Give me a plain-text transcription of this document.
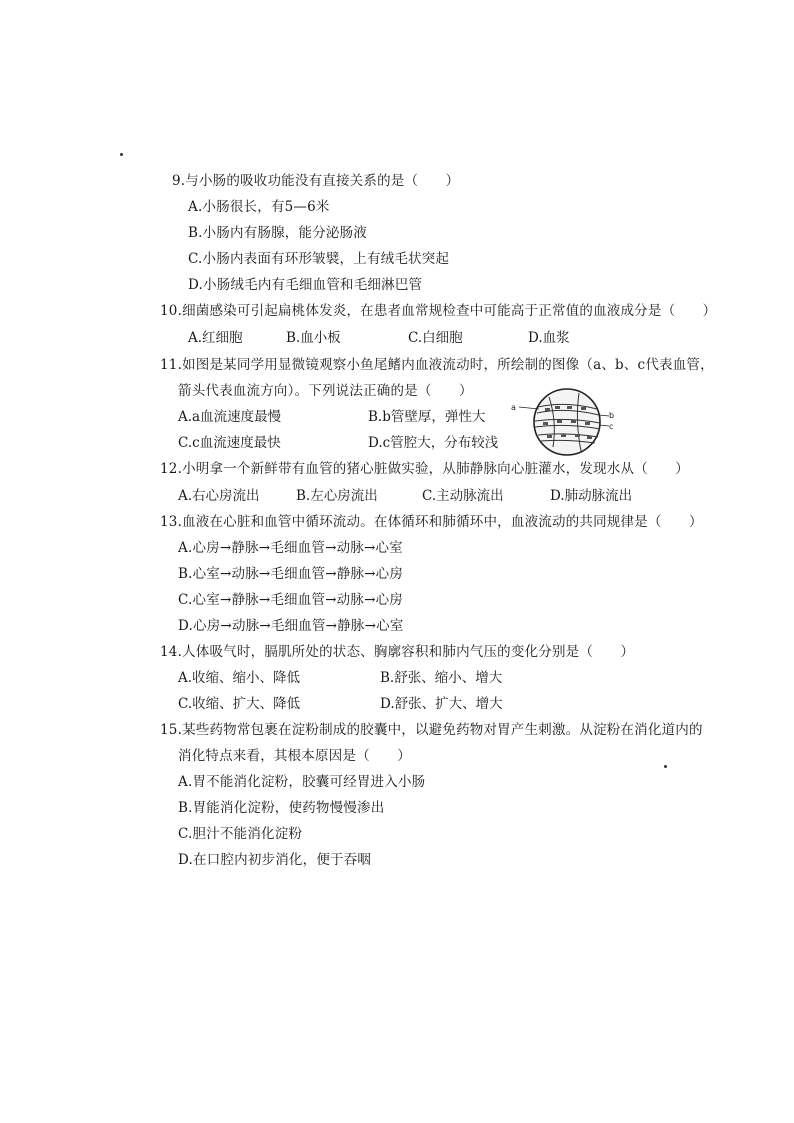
9.与小肠的吸收功能没有直接关系的是（　　）
A.小肠很长，有5—6米
B.小肠内有肠腺，能分泌肠液
C.小肠内表面有环形皱襞，上有绒毛状突起
D.小肠绒毛内有毛细血管和毛细淋巴管
10.细菌感染可引起扁桃体发炎，在患者血常规检查中可能高于正常值的血液成分是（　　）
A.红细胞	B.血小板	C.白细胞	D.血浆
11.如图是某同学用显微镜观察小鱼尾鳍内血液流动时，所绘制的图像（a、b、c代表血管，
箭头代表血流方向）。下列说法正确的是（　　）
A.a血流速度最慢	B.b管壁厚，弹性大
C.c血流速度最快	D.c管腔大，分布较浅
a
b
c
12.小明拿一个新鲜带有血管的猪心脏做实验，从肺静脉向心脏灌水，发现水从（　　）
A.右心房流出	B.左心房流出	C.主动脉流出	D.肺动脉流出
13.血液在心脏和血管中循环流动。在体循环和肺循环中，血液流动的共同规律是（　　）
A.心房→静脉→毛细血管→动脉→心室
B.心室→动脉→毛细血管→静脉→心房
C.心室→静脉→毛细血管→动脉→心房
D.心房→动脉→毛细血管→静脉→心室
14.人体吸气时，膈肌所处的状态、胸廓容积和肺内气压的变化分别是（　　）
A.收缩、缩小、降低	B.舒张、缩小、增大
C.收缩、扩大、降低	D.舒张、扩大、增大
15.某些药物常包裹在淀粉制成的胶囊中，以避免药物对胃产生刺激。从淀粉在消化道内的
消化特点来看，其根本原因是（　　）
A.胃不能消化淀粉，胶囊可经胃进入小肠
B.胃能消化淀粉，使药物慢慢渗出
C.胆汁不能消化淀粉
D.在口腔内初步消化，便于吞咽
